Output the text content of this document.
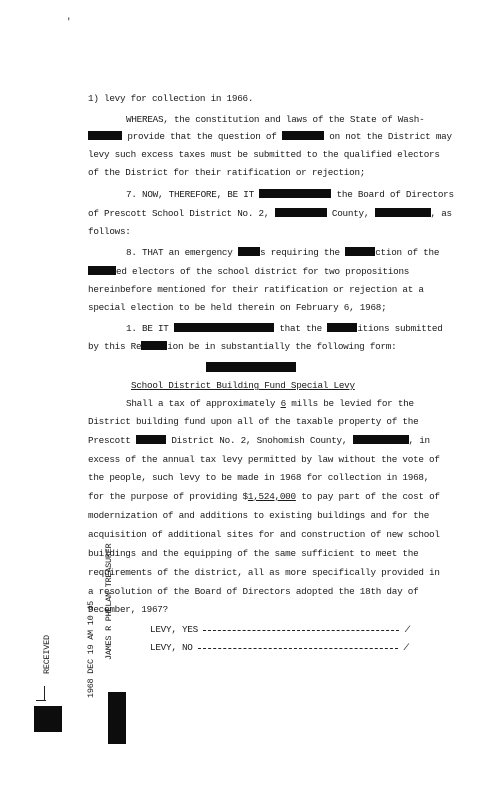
'
1) levy for collection in 1966.
WHEREAS, the constitution and laws of the State of Wash-
provide that the question of	on not the District may
levy such excess taxes must be submitted to the qualified electors
of the District for their ratification or rejection;
7. NOW, THEREFORE, BE IT	the Board of Directors
of Prescott School District No. 2,	County,	, as
follows:
8. THAT an emergency	s requiring the	ction of the
ed electors of the school district for two propositions
hereinbefore mentioned for their ratification or rejection at a
special election to be held therein on February 6, 1968;
1. BE IT	that the	itions submitted
by this Re	ion be in substantially the following form:
School District Building Fund Special Levy
Shall a tax of approximately 6 mills be levied for the
District building fund upon all of the taxable property of the
Prescott	District No. 2, Snohomish County,	, in
excess of the annual tax levy permitted by law without the vote of
the people, such levy to be made in 1968 for collection in 1968,
for the purpose of providing $1,524,000 to pay part of the cost of
modernization of and additions to existing buildings and for the
acquisition of additional sites for and construction of new school
buildings and the equipping of the same sufficient to meet the
requirements of the district, all as more specifically provided in
a resolution of the Board of Directors adopted the 18th day of
December, 1967?
LEVY, YES	/
LEVY, NO	/
RECEIVED	1968 DEC 19 AM 10 45 JAMES R PHELAN TREASURER
